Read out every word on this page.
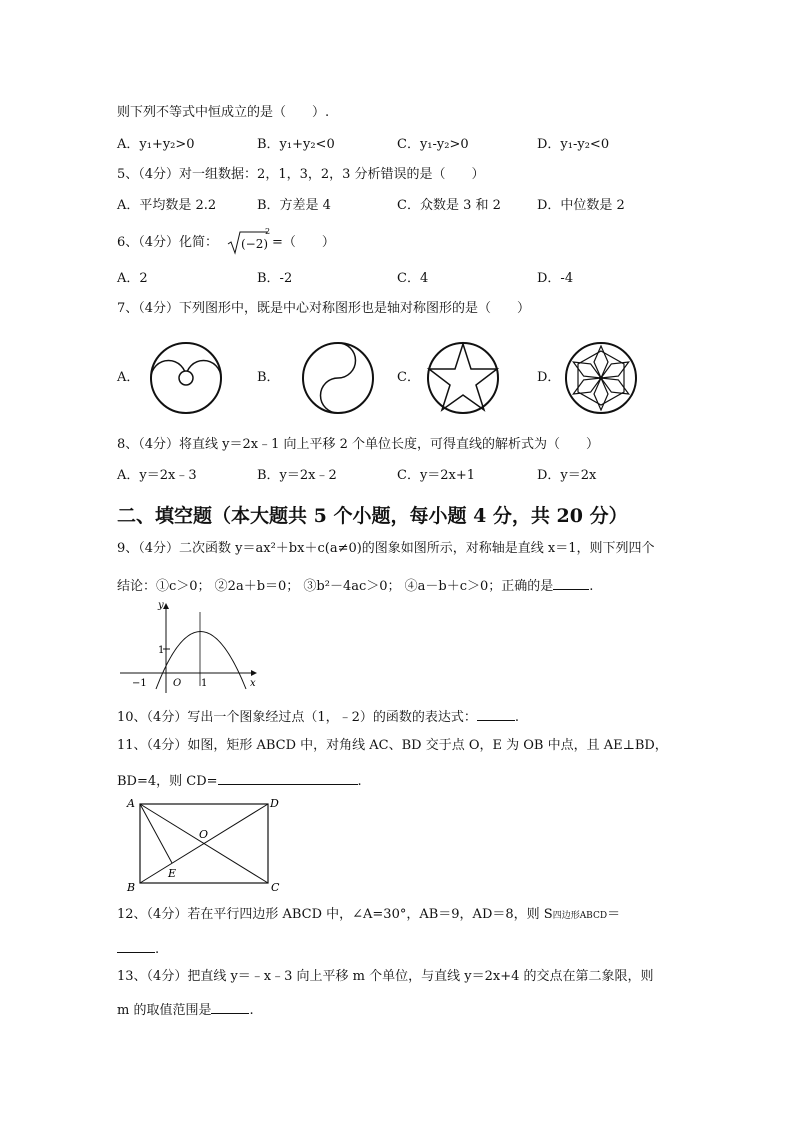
则下列不等式中恒成立的是（　　）.
A．y₁+y₂>0	B．y₁+y₂<0	C．y₁-y₂>0	D．y₁-y₂<0
5、（4分）对一组数据：2，1，3，2，3 分析错误的是（　　）
A．平均数是 2.2	B．方差是 4	C．众数是 3 和 2	D．中位数是 2
6、（4分）化简： (−2)
2
=（　　）
A．2	B．-2	C．4	D．-4
7、（4分）下列图形中，既是中心对称图形也是轴对称图形的是（　　）
A．	B．	C．	D．
8、（4分）将直线 y＝2x﹣1 向上平移 2 个单位长度，可得直线的解析式为（　　）
A．y＝2x﹣3	B．y＝2x﹣2	C．y＝2x+1	D．y＝2x
二、填空题（本大题共 5 个小题，每小题 4 分，共 20 分）
9、（4分）二次函数 y＝ax²＋bx＋c(a≠0)的图象如图所示，对称轴是直线 x＝1，则下列四个
结论：①c＞0； ②2a＋b＝0； ③b²－4ac＞0； ④a－b＋c＞0；正确的是	.
y
x
−1	O 1
1
10、（4分）写出一个图象经过点（1，﹣2）的函数的表达式：	.
11、（4分）如图，矩形 ABCD 中，对角线 AC、BD 交于点 O，E 为 OB 中点，且 AE⊥BD，
BD=4，则 CD=	.
A	D
B	C
O
E
12、（4分）若在平行四边形 ABCD 中，∠A=30°，AB＝9，AD＝8，则 S四边形ABCD＝
.
13、（4分）把直线 y＝﹣x﹣3 向上平移 m 个单位，与直线 y＝2x+4 的交点在第二象限，则
m 的取值范围是	.
